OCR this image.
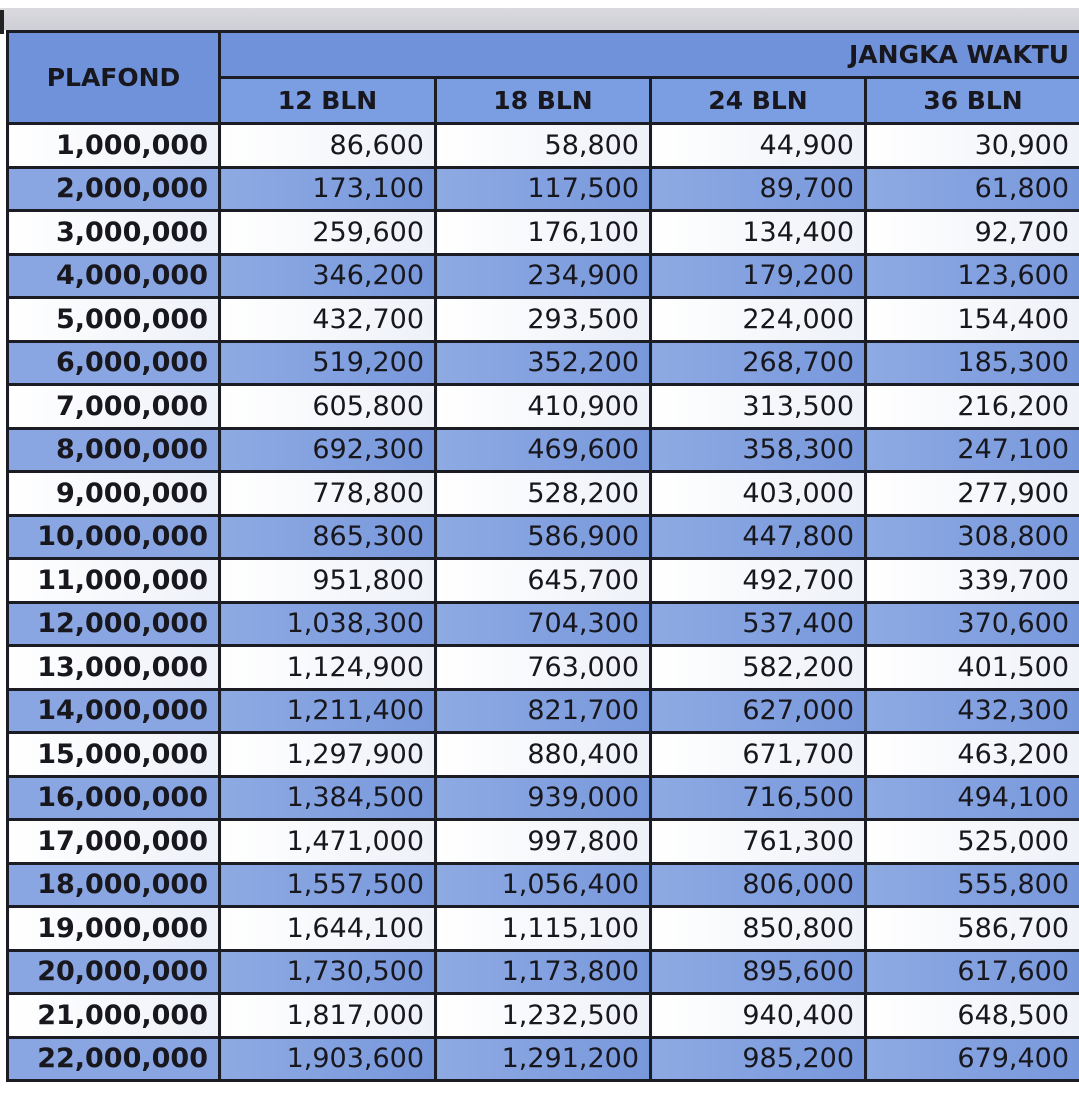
PLAFOND	JANGKA WAKTU			
	12 BLN	18 BLN	24 BLN	36 BLN
1,000,000	86,600	58,800	44,900	30,900
2,000,000	173,100	117,500	89,700	61,800
3,000,000	259,600	176,100	134,400	92,700
4,000,000	346,200	234,900	179,200	123,600
5,000,000	432,700	293,500	224,000	154,400
6,000,000	519,200	352,200	268,700	185,300
7,000,000	605,800	410,900	313,500	216,200
8,000,000	692,300	469,600	358,300	247,100
9,000,000	778,800	528,200	403,000	277,900
10,000,000	865,300	586,900	447,800	308,800
11,000,000	951,800	645,700	492,700	339,700
12,000,000	1,038,300	704,300	537,400	370,600
13,000,000	1,124,900	763,000	582,200	401,500
14,000,000	1,211,400	821,700	627,000	432,300
15,000,000	1,297,900	880,400	671,700	463,200
16,000,000	1,384,500	939,000	716,500	494,100
17,000,000	1,471,000	997,800	761,300	525,000
18,000,000	1,557,500	1,056,400	806,000	555,800
19,000,000	1,644,100	1,115,100	850,800	586,700
20,000,000	1,730,500	1,173,800	895,600	617,600
21,000,000	1,817,000	1,232,500	940,400	648,500
22,000,000	1,903,600	1,291,200	985,200	679,400
